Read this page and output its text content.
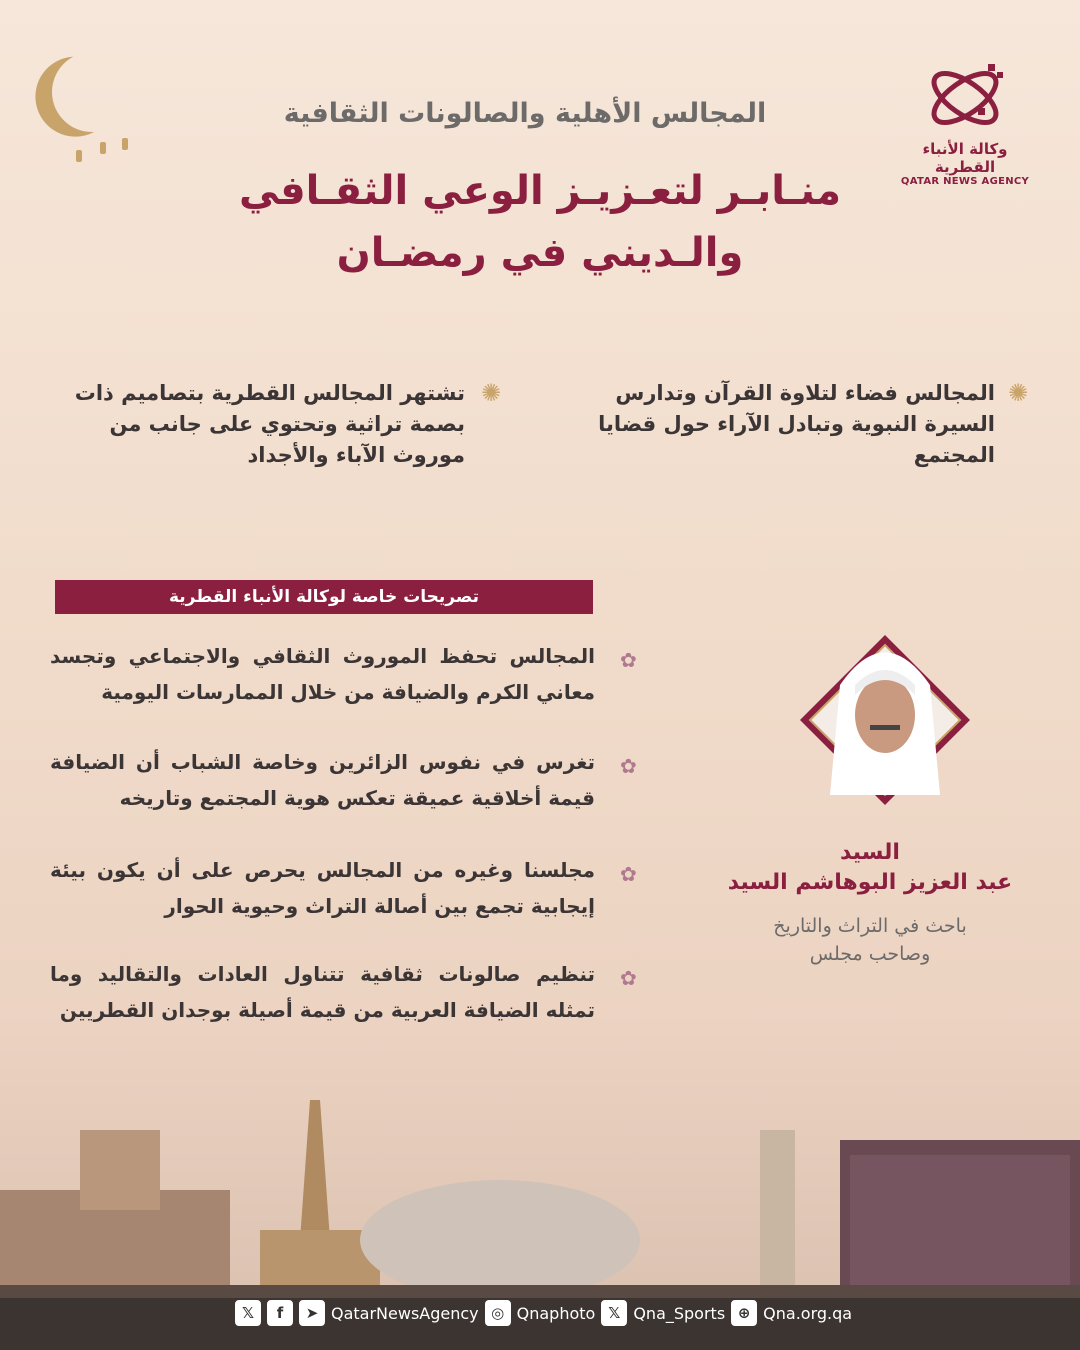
وكالة الأنباء القطرية
QATAR NEWS AGENCY
المجالس الأهلية والصالونات الثقافية
منـابـر لتعـزيـز الوعي الثقـافي
والـديني في رمضـان
✺
المجالس فضاء لتلاوة القرآن وتدارس السيرة النبوية وتبادل الآراء حول قضايا المجتمع
✺
تشتهر المجالس القطرية بتصاميم ذات بصمة تراثية وتحتوي على جانب من موروث الآباء والأجداد
تصريحات خاصة لوكالة الأنباء القطرية
✿
المجالس تحفظ الموروث الثقافي والاجتماعي وتجسد معاني الكرم والضيافة من خلال الممارسات اليومية
✿
تغرس في نفوس الزائرين وخاصة الشباب أن الضيافة قيمة أخلاقية عميقة تعكس هوية المجتمع وتاريخه
✿
مجلسنا وغيره من المجالس يحرص على أن يكون بيئة إيجابية تجمع بين أصالة التراث وحيوية الحوار
✿
تنظيم صالونات ثقافية تتناول العادات والتقاليد وما تمثله الضيافة العربية من قيمة أصيلة بوجدان القطريين
السيد
عبد العزيز البوهاشم السيد
باحث في التراث والتاريخ
وصاحب مجلس
𝕏	f	➤ QatarNewsAgency ◎ Qnaphoto 𝕏 Qna_Sports ⊕ Qna.org.qa
